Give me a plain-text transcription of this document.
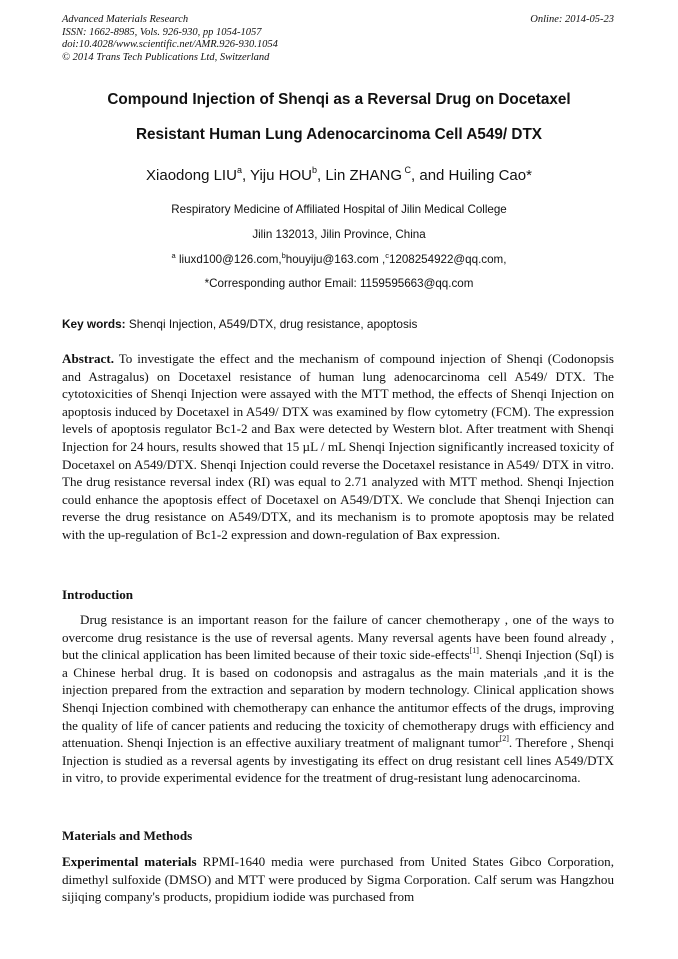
Advanced Materials Research
ISSN: 1662-8985, Vols. 926-930, pp 1054-1057
doi:10.4028/www.scientific.net/AMR.926-930.1054
© 2014 Trans Tech Publications Ltd, Switzerland
Online: 2014-05-23
Compound Injection of Shenqi as a Reversal Drug on Docetaxel
Resistant Human Lung Adenocarcinoma Cell A549/ DTX
Xiaodong LIU$^a$, Yiju HOU$^b$, Lin ZHANG $^C$, and Huiling Cao*
Respiratory Medicine of Affiliated Hospital of Jilin Medical College
Jilin 132013, Jilin Province, China
$^a$ liuxd100@126.com,$^b$houyiju@163.com ,$^c$1208254922@qq.com,
*Corresponding author Email: 1159595663@qq.com
Key words: Shenqi Injection, A549/DTX, drug resistance, apoptosis
Abstract. To investigate the effect and the mechanism of compound injection of Shenqi (Codonopsis and Astragalus) on Docetaxel resistance of human lung adenocarcinoma cell A549/ DTX. The cytotoxicities of Shenqi Injection were assayed with the MTT method, the effects of Shenqi Injection on apoptosis induced by Docetaxel in A549/ DTX was examined by flow cytometry (FCM). The expression levels of apoptosis regulator Bc1-2 and Bax were detected by Western blot. After treatment with Shenqi Injection for 24 hours, results showed that 15 µL / mL Shenqi Injection significantly increased toxicity of Docetaxel on A549/DTX. Shenqi Injection could reverse the Docetaxel resistance in A549/ DTX in vitro. The drug resistance reversal index (RI) was equal to 2.71 analyzed with MTT method. Shenqi Injection could enhance the apoptosis effect of Docetaxel on A549/DTX. We conclude that Shenqi Injection can reverse the drug resistance on A549/DTX, and its mechanism is to promote apoptosis may be related with the up-regulation of Bc1-2 expression and down-regulation of Bax expression.
Introduction
Drug resistance is an important reason for the failure of cancer chemotherapy , one of the ways to overcome drug resistance is the use of reversal agents. Many reversal agents have been found already , but the clinical application has been limited because of their toxic side-effects[1]. Shenqi Injection (SqI) is a Chinese herbal drug. It is based on codonopsis and astragalus as the main materials ,and it is the injection prepared from the extraction and separation by modern technology. Clinical application shows Shenqi Injection combined with chemotherapy can enhance the antitumor effects of the drugs, improving the quality of life of cancer patients and reducing the toxicity of chemotherapy drugs with efficiency and attenuation. Shenqi Injection is an effective auxiliary treatment of malignant tumor[2]. Therefore , Shenqi Injection is studied as a reversal agents by investigating its effect on drug resistant cell lines A549/DTX in vitro, to provide experimental evidence for the treatment of drug-resistant lung adenocarcinoma.
Materials and Methods
Experimental materials RPMI-1640 media were purchased from United States Gibco Corporation, dimethyl sulfoxide (DMSO) and MTT were produced by Sigma Corporation. Calf serum was Hangzhou sijiqing company's products, propidium iodide was purchased from
